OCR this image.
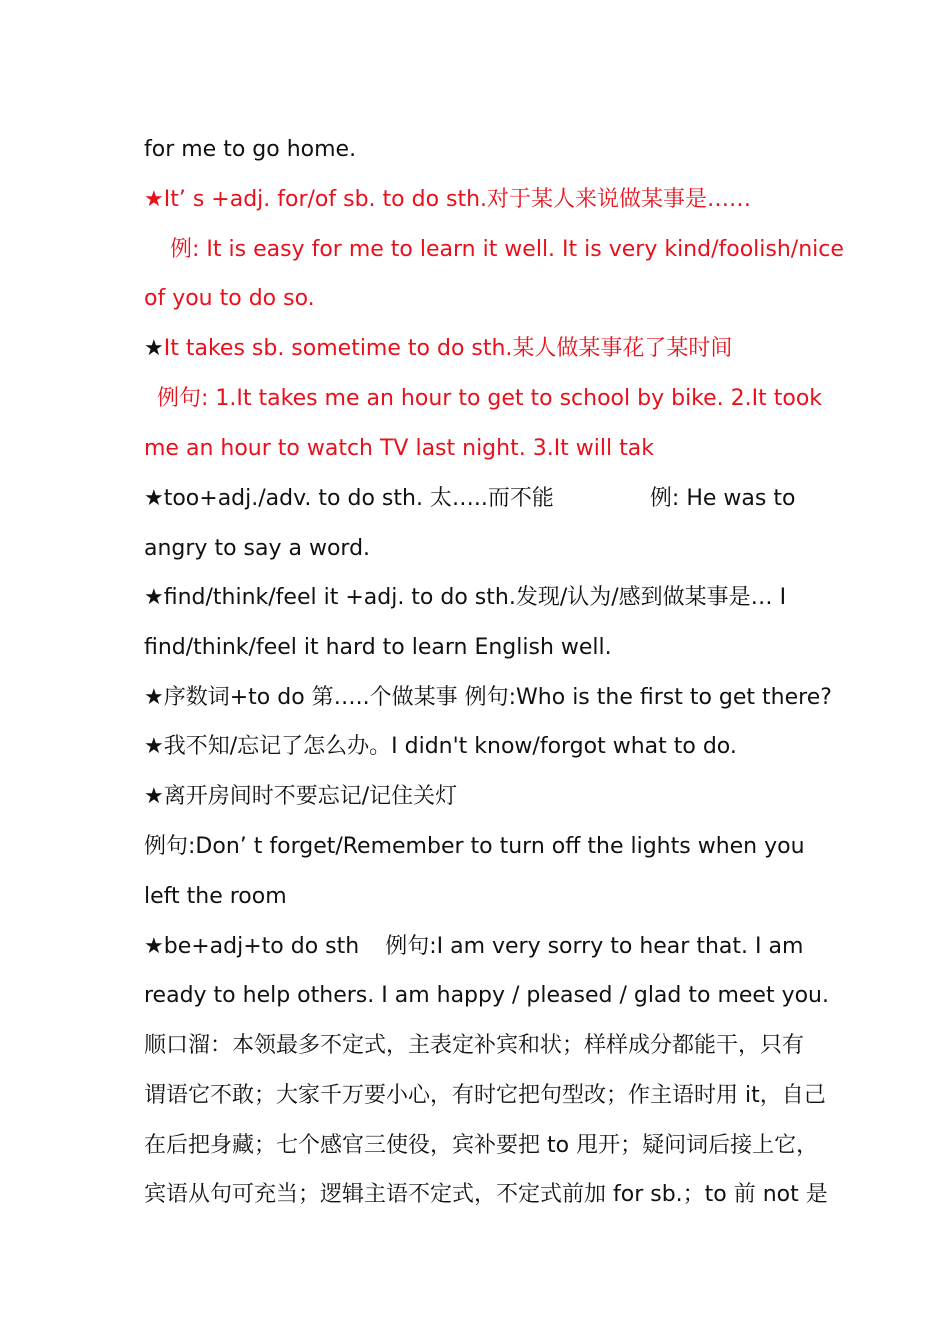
for me to go home.
★It’ s +adj. for/of sb. to do sth.对于某人来说做某事是……
例: It is easy for me to learn it well. It is very kind/foolish/nice
of you to do so.
★It takes sb. sometime to do sth.某人做某事花了某时间
例句: 1.It takes me an hour to get to school by bike. 2.It took
me an hour to watch TV last night. 3.It will tak
★too+adj./adv. to do sth. 太…..而不能	例: He was to
angry to say a word.
★find/think/feel it +adj. to do sth.发现/认为/感到做某事是… I
find/think/feel it hard to learn English well.
★序数词+to do 第…..个做某事 例句:Who is the first to get there?
★我不知/忘记了怎么办。I didn't know/forgot what to do.
★离开房间时不要忘记/记住关灯
例句:Don’ t forget/Remember to turn off the lights when you
left the room
★be+adj+to do sth 例句:I am very sorry to hear that. I am
ready to help others. I am happy / pleased / glad to meet you.
顺口溜：本领最多不定式，主表定补宾和状；样样成分都能干，只有
谓语它不敢；大家千万要小心，有时它把句型改；作主语时用 it，自己
在后把身藏；七个感官三使役，宾补要把 to 甩开；疑问词后接上它，
宾语从句可充当；逻辑主语不定式，不定式前加 for sb.；to 前 not 是
